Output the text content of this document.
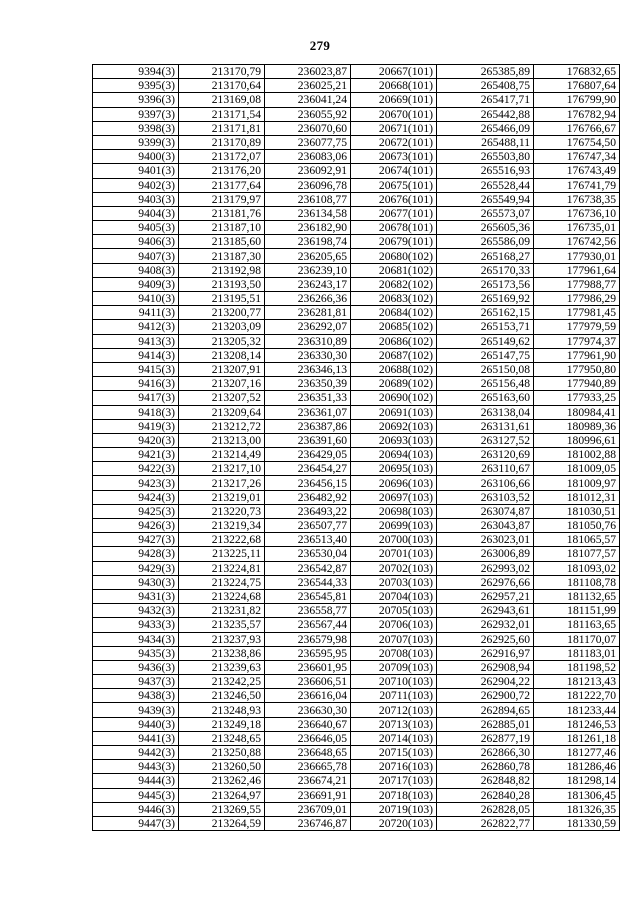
279
9394(3)	213170,79	236023,87	20667(101)	265385,89	176832,65
9395(3)	213170,64	236025,21	20668(101)	265408,75	176807,64
9396(3)	213169,08	236041,24	20669(101)	265417,71	176799,90
9397(3)	213171,54	236055,92	20670(101)	265442,88	176782,94
9398(3)	213171,81	236070,60	20671(101)	265466,09	176766,67
9399(3)	213170,89	236077,75	20672(101)	265488,11	176754,50
9400(3)	213172,07	236083,06	20673(101)	265503,80	176747,34
9401(3)	213176,20	236092,91	20674(101)	265516,93	176743,49
9402(3)	213177,64	236096,78	20675(101)	265528,44	176741,79
9403(3)	213179,97	236108,77	20676(101)	265549,94	176738,35
9404(3)	213181,76	236134,58	20677(101)	265573,07	176736,10
9405(3)	213187,10	236182,90	20678(101)	265605,36	176735,01
9406(3)	213185,60	236198,74	20679(101)	265586,09	176742,56
9407(3)	213187,30	236205,65	20680(102)	265168,27	177930,01
9408(3)	213192,98	236239,10	20681(102)	265170,33	177961,64
9409(3)	213193,50	236243,17	20682(102)	265173,56	177988,77
9410(3)	213195,51	236266,36	20683(102)	265169,92	177986,29
9411(3)	213200,77	236281,81	20684(102)	265162,15	177981,45
9412(3)	213203,09	236292,07	20685(102)	265153,71	177979,59
9413(3)	213205,32	236310,89	20686(102)	265149,62	177974,37
9414(3)	213208,14	236330,30	20687(102)	265147,75	177961,90
9415(3)	213207,91	236346,13	20688(102)	265150,08	177950,80
9416(3)	213207,16	236350,39	20689(102)	265156,48	177940,89
9417(3)	213207,52	236351,33	20690(102)	265163,60	177933,25
9418(3)	213209,64	236361,07	20691(103)	263138,04	180984,41
9419(3)	213212,72	236387,86	20692(103)	263131,61	180989,36
9420(3)	213213,00	236391,60	20693(103)	263127,52	180996,61
9421(3)	213214,49	236429,05	20694(103)	263120,69	181002,88
9422(3)	213217,10	236454,27	20695(103)	263110,67	181009,05
9423(3)	213217,26	236456,15	20696(103)	263106,66	181009,97
9424(3)	213219,01	236482,92	20697(103)	263103,52	181012,31
9425(3)	213220,73	236493,22	20698(103)	263074,87	181030,51
9426(3)	213219,34	236507,77	20699(103)	263043,87	181050,76
9427(3)	213222,68	236513,40	20700(103)	263023,01	181065,57
9428(3)	213225,11	236530,04	20701(103)	263006,89	181077,57
9429(3)	213224,81	236542,87	20702(103)	262993,02	181093,02
9430(3)	213224,75	236544,33	20703(103)	262976,66	181108,78
9431(3)	213224,68	236545,81	20704(103)	262957,21	181132,65
9432(3)	213231,82	236558,77	20705(103)	262943,61	181151,99
9433(3)	213235,57	236567,44	20706(103)	262932,01	181163,65
9434(3)	213237,93	236579,98	20707(103)	262925,60	181170,07
9435(3)	213238,86	236595,95	20708(103)	262916,97	181183,01
9436(3)	213239,63	236601,95	20709(103)	262908,94	181198,52
9437(3)	213242,25	236606,51	20710(103)	262904,22	181213,43
9438(3)	213246,50	236616,04	20711(103)	262900,72	181222,70
9439(3)	213248,93	236630,30	20712(103)	262894,65	181233,44
9440(3)	213249,18	236640,67	20713(103)	262885,01	181246,53
9441(3)	213248,65	236646,05	20714(103)	262877,19	181261,18
9442(3)	213250,88	236648,65	20715(103)	262866,30	181277,46
9443(3)	213260,50	236665,78	20716(103)	262860,78	181286,46
9444(3)	213262,46	236674,21	20717(103)	262848,82	181298,14
9445(3)	213264,97	236691,91	20718(103)	262840,28	181306,45
9446(3)	213269,55	236709,01	20719(103)	262828,05	181326,35
9447(3)	213264,59	236746,87	20720(103)	262822,77	181330,59
